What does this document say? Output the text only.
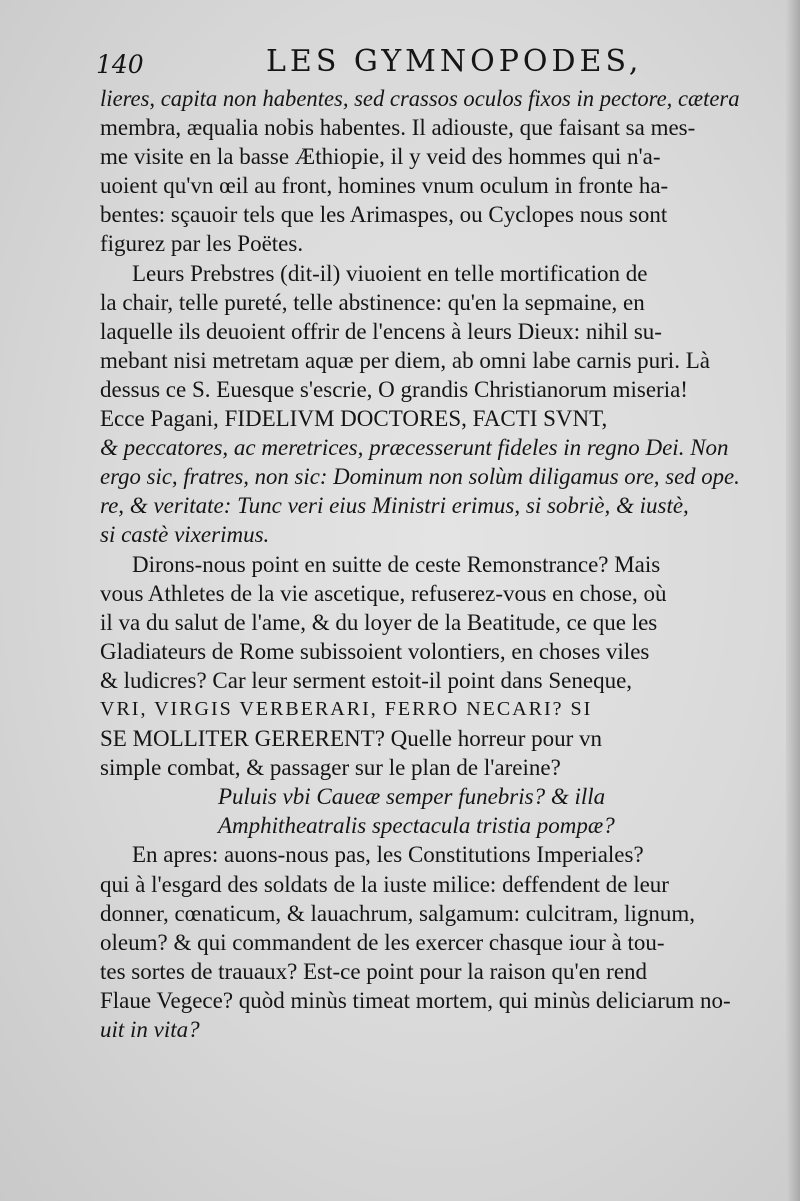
140	LES GYMNOPODES,
lieres, capita non habentes, sed crassos oculos fixos in pectore, cætera
membra, æqualia nobis habentes. Il adiouste, que faisant sa mes-
me visite en la basse Æthiopie, il y veid des hommes qui n'a-
uoient qu'vn œil au front, homines vnum oculum in fronte ha-
bentes: sçauoir tels que les Arimaspes, ou Cyclopes nous sont
figurez par les Poëtes.
Leurs Prebstres (dit-il) viuoient en telle mortification de
la chair, telle pureté, telle abstinence: qu'en la sepmaine, en
laquelle ils deuoient offrir de l'encens à leurs Dieux: nihil su-
mebant nisi metretam aquæ per diem, ab omni labe carnis puri. Là
dessus ce S. Euesque s'escrie, O grandis Christianorum miseria!
Ecce Pagani, FIDELIVM DOCTORES, FACTI SVNT,
& peccatores, ac meretrices, præcesserunt fideles in regno Dei. Non
ergo sic, fratres, non sic: Dominum non solùm diligamus ore, sed ope.
re, & veritate: Tunc veri eius Ministri erimus, si sobriè, & iustè,
si castè vixerimus.
Dirons-nous point en suitte de ceste Remonstrance? Mais
vous Athletes de la vie ascetique, refuserez-vous en chose, où
il va du salut de l'ame, & du loyer de la Beatitude, ce que les
Gladiateurs de Rome subissoient volontiers, en choses viles
& ludicres? Car leur serment estoit-il point dans Seneque,
VRI, VIRGIS VERBERARI, FERRO NECARI? SI
SE MOLLITER GERERENT? Quelle horreur pour vn
simple combat, & passager sur le plan de l'areine?
Puluis vbi Caueæ semper funebris? & illa
Amphitheatralis spectacula tristia pompæ?
En apres: auons-nous pas, les Constitutions Imperiales?
qui à l'esgard des soldats de la iuste milice: deffendent de leur
donner, cœnaticum, & lauachrum, salgamum: culcitram, lignum,
oleum? & qui commandent de les exercer chasque iour à tou-
tes sortes de trauaux? Est-ce point pour la raison qu'en rend
Flaue Vegece? quòd minùs timeat mortem, qui minùs deliciarum no-
uit in vita?
